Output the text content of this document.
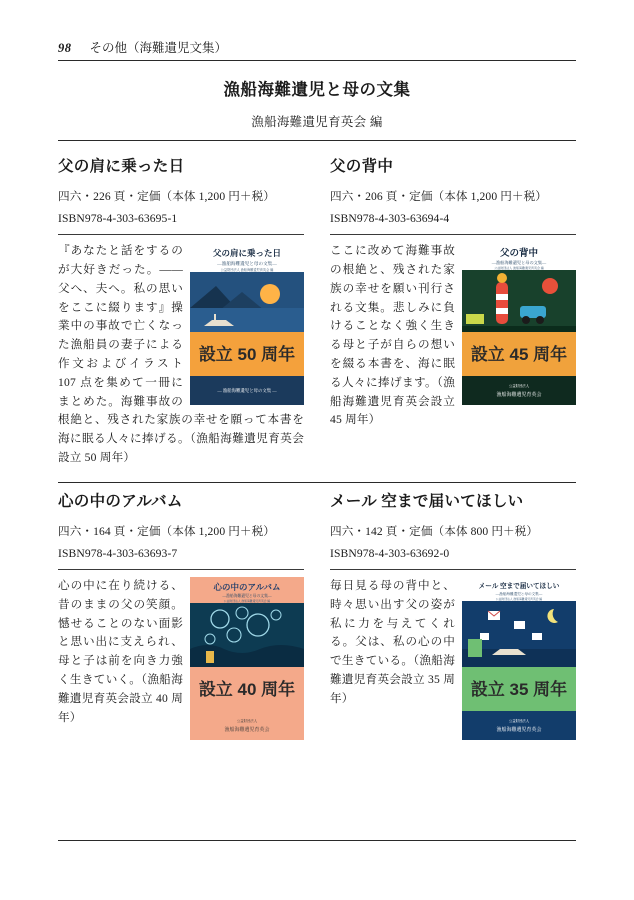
98 その他（海難遺児文集）
漁船海難遺児と母の文集
漁船海難遺児育英会 編
父の肩に乗った日
四六・226 頁・定価（本体 1,200 円＋税）
ISBN978-4-303-63695-1
父の肩に乗った日
―漁船海難遺児と母の文集―
公益財団法人 漁船海難遺児育英会 編
設立 50 周年
― 漁船海難遺児と母の文集 ―
『あなたと話をするのが大好きだった。――父へ、夫へ。私の思いをここに綴ります』操業中の事故で亡くなった漁船員の妻子による作文およびイラスト 107 点を集めて一冊にまとめた。海難事故の根絶と、残された家族の幸せを願って本書を海に眠る人々に捧げる。（漁船海難遺児育英会設立 50 周年）
父の背中
四六・206 頁・定価（本体 1,200 円＋税）
ISBN978-4-303-63694-4
父の背中
―漁船海難遺児と母の文集―
公益財団法人 漁船海難遺児育英会 編
設立 45 周年
公益財団法人
漁船海難遺児育英会
ここに改めて海難事故の根絶と、残された家族の幸せを願い刊行される文集。悲しみに負けることなく強く生きる母と子が自らの想いを綴る本書を、海に眠る人々に捧げます。（漁船海難遺児育英会設立 45 周年）
心の中のアルバム
四六・164 頁・定価（本体 1,200 円＋税）
ISBN978-4-303-63693-7
心の中のアルバム
―漁船海難遺児と母の文集―
公益財団法人 漁船海難遺児育英会 編
設立 40 周年
公益財団法人
漁船海難遺児育英会
心の中に在り続ける、昔のままの父の笑顔。憾せることのない面影と思い出に支えられ、母と子は前を向き力強く生きていく。（漁船海難遺児育英会設立 40 周年）
メール 空まで届いてほしい
四六・142 頁・定価（本体 800 円＋税）
ISBN978-4-303-63692-0
メール 空まで届いてほしい
―漁船海難遺児と母の文集―
公益財団法人 漁船海難遺児育英会 編
設立 35 周年
公益財団法人
漁船海難遺児育英会
毎日見る母の背中と、時々思い出す父の姿が私に力を与えてくれる。父は、私の心の中で生きている。（漁船海難遺児育英会設立 35 周年）
